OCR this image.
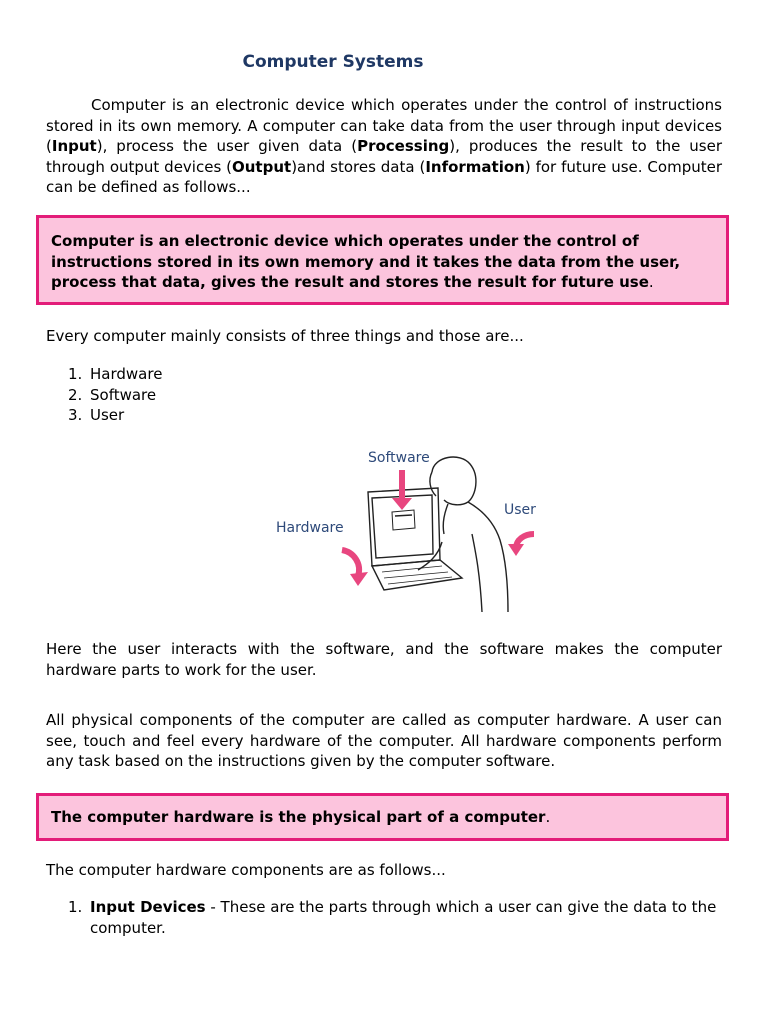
Computer Systems

Computer is an electronic device which operates under the control of instructions stored in its own memory. A computer can take data from the user through input devices (Input), process the user given data (Processing), produces the result to the user through output devices (Output)and stores data (Information) for future use. Computer can be defined as follows...

Computer is an electronic device which operates under the control of instructions stored in its own memory and it takes the data from the user, process that data, gives the result and stores the result for future use.

Every computer mainly consists of three things and those are...

1. Hardware
2. Software
3. User
Software
Hardware
User

Here the user interacts with the software, and the software makes the computer hardware parts to work for the user.

All physical components of the computer are called as computer hardware. A user can see, touch and feel every hardware of the computer. All hardware components perform any task based on the instructions given by the computer software.

The computer hardware is the physical part of a computer.

The computer hardware components are as follows...

1. Input Devices - These are the parts through which a user can give the data to the
computer.
